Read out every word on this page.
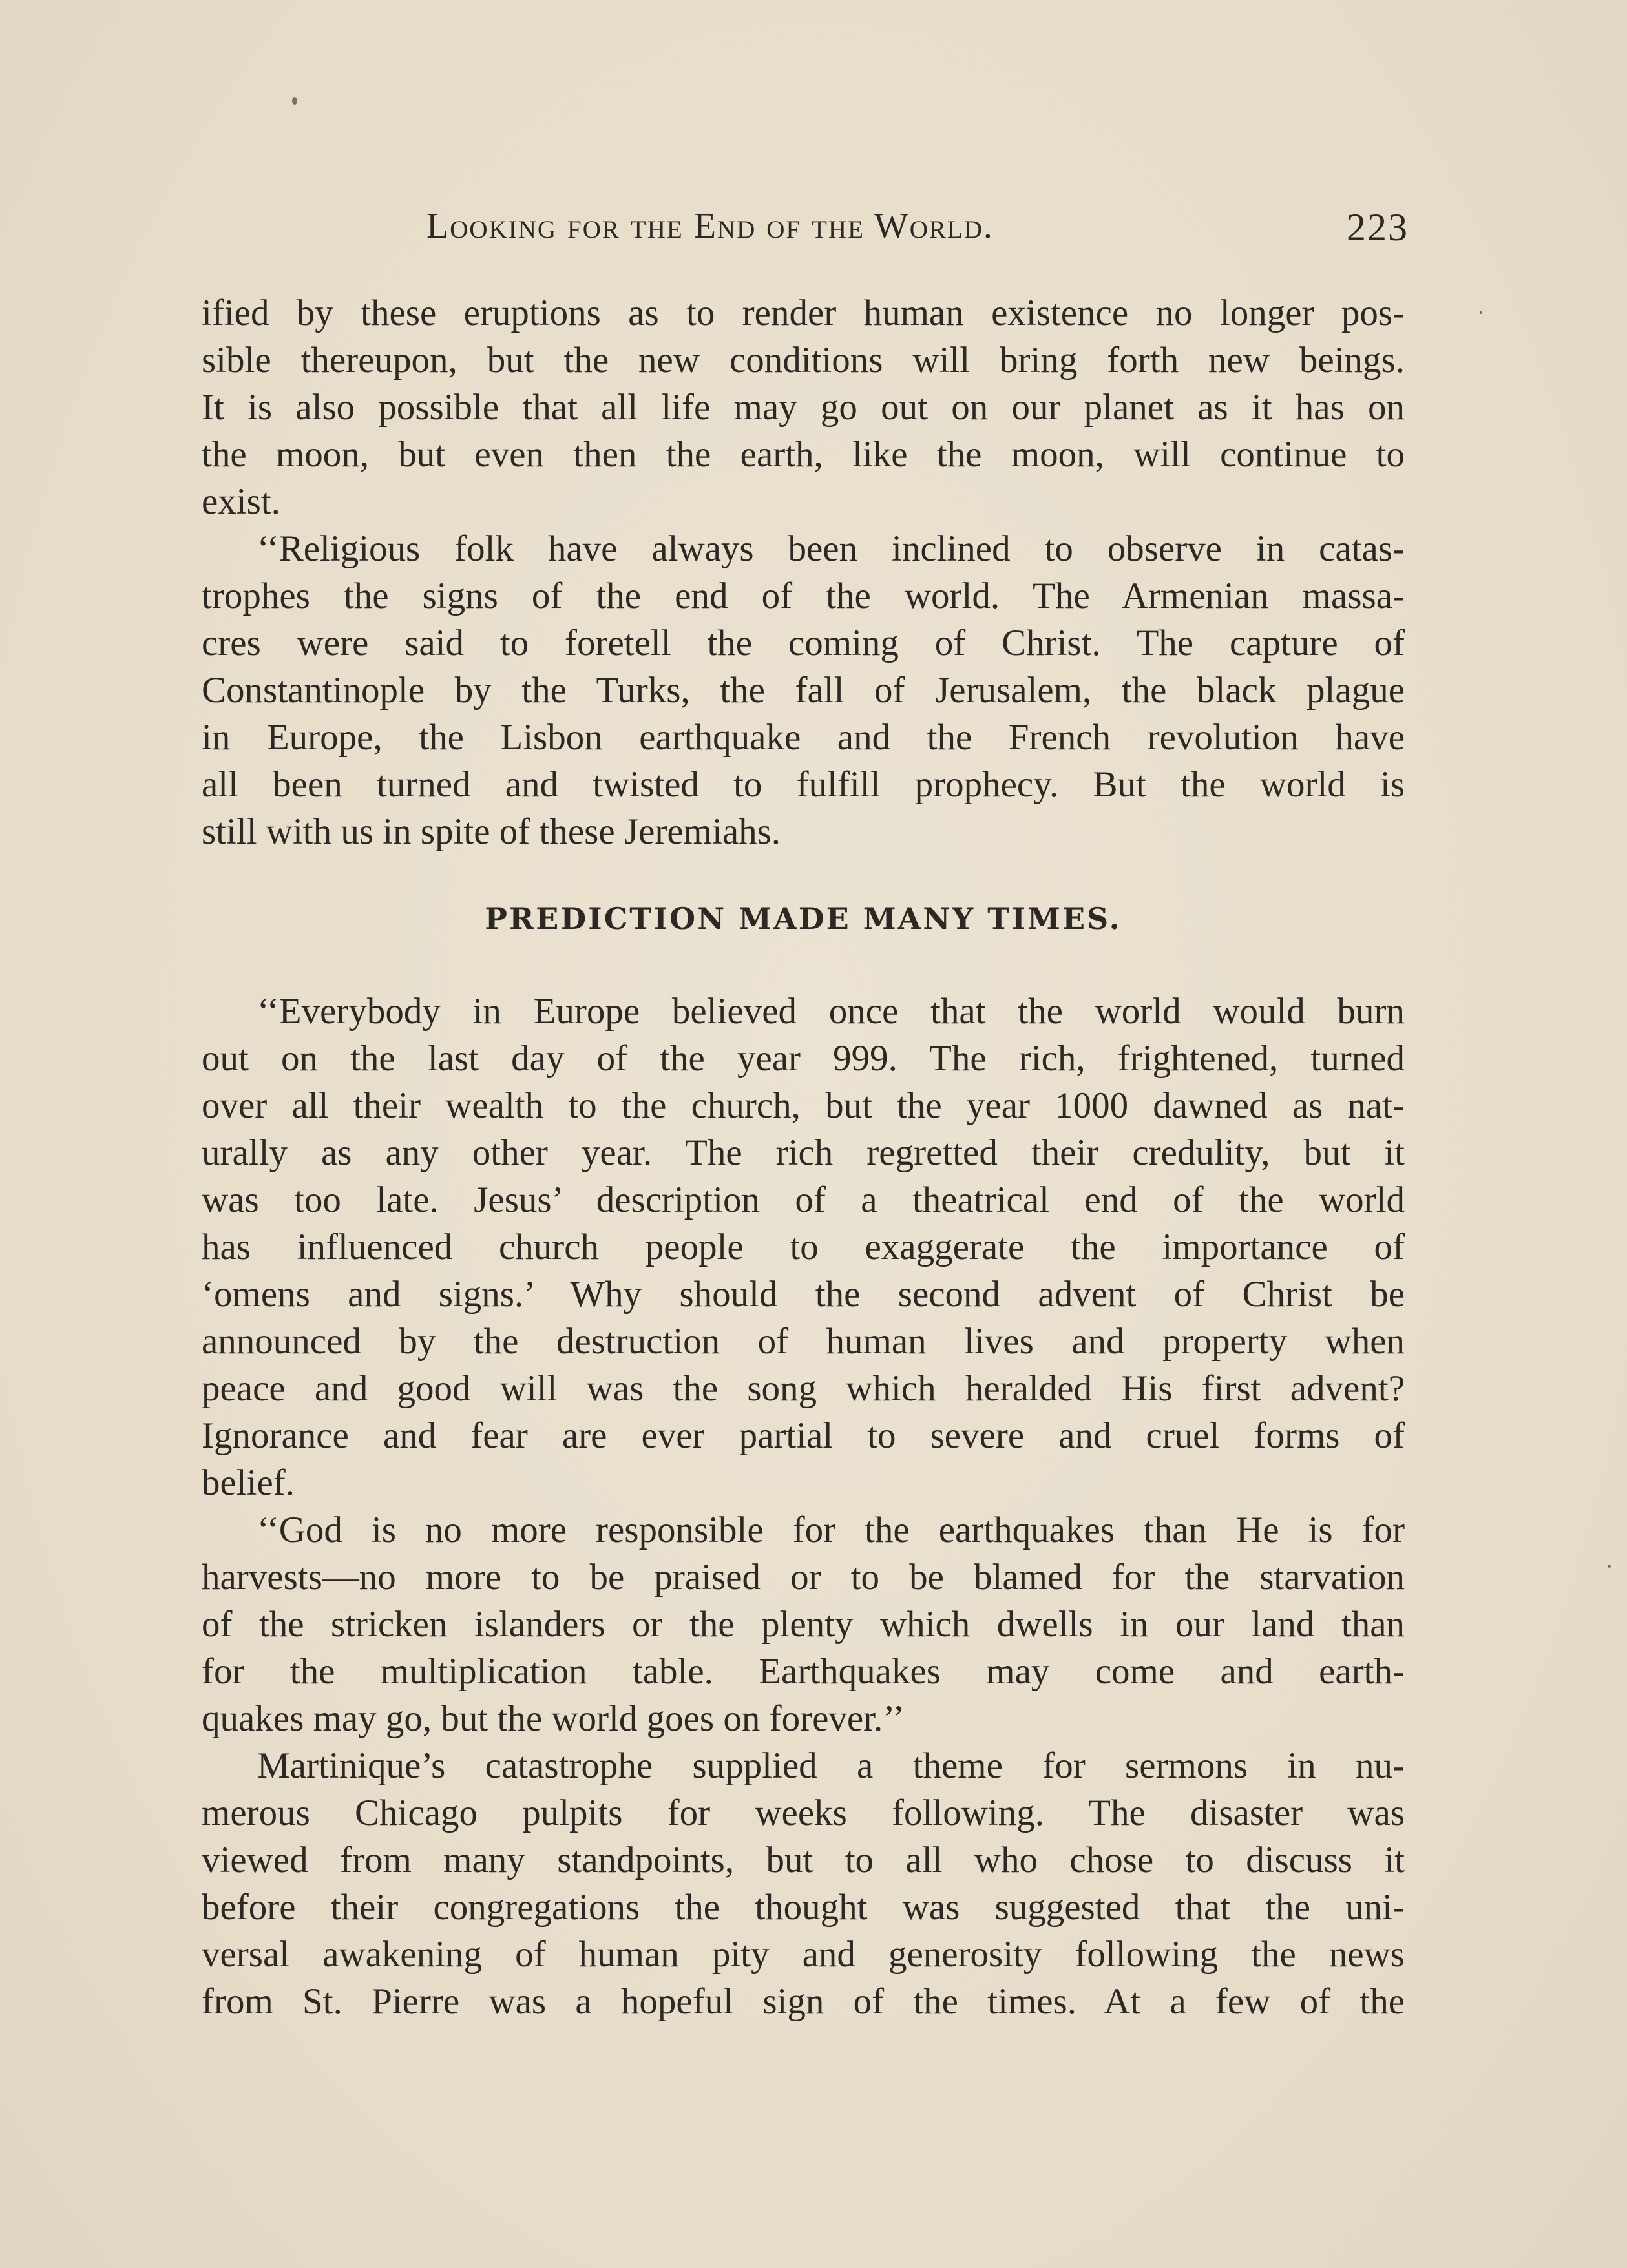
Looking for the End of the World.	223
ified by these eruptions as to render human existence no longer pos-
sible thereupon, but the new conditions will bring forth new beings.
It is also possible that all life may go out on our planet as it has on
the moon, but even then the earth, like the moon, will continue to
exist.
‘‘Religious folk have always been inclined to observe in catas-
trophes the signs of the end of the world. The Armenian massa-
cres were said to foretell the coming of Christ. The capture of
Constantinople by the Turks, the fall of Jerusalem, the black plague
in Europe, the Lisbon earthquake and the French revolution have
all been turned and twisted to fulfill prophecy. But the world is
still with us in spite of these Jeremiahs.
PREDICTION MADE MANY TIMES.
‘‘Everybody in Europe believed once that the world would burn
out on the last day of the year 999. The rich, frightened, turned
over all their wealth to the church, but the year 1000 dawned as nat-
urally as any other year. The rich regretted their credulity, but it
was too late. Jesus’ description of a theatrical end of the world
has influenced church people to exaggerate the importance of
‘omens and signs.’ Why should the second advent of Christ be
announced by the destruction of human lives and property when
peace and good will was the song which heralded His first advent?
Ignorance and fear are ever partial to severe and cruel forms of
belief.
‘‘God is no more responsible for the earthquakes than He is for
harvests—no more to be praised or to be blamed for the starvation
of the stricken islanders or the plenty which dwells in our land than
for the multiplication table. Earthquakes may come and earth-
quakes may go, but the world goes on forever.’’
Martinique’s catastrophe supplied a theme for sermons in nu-
merous Chicago pulpits for weeks following. The disaster was
viewed from many standpoints, but to all who chose to discuss it
before their congregations the thought was suggested that the uni-
versal awakening of human pity and generosity following the news
from St. Pierre was a hopeful sign of the times. At a few of the
